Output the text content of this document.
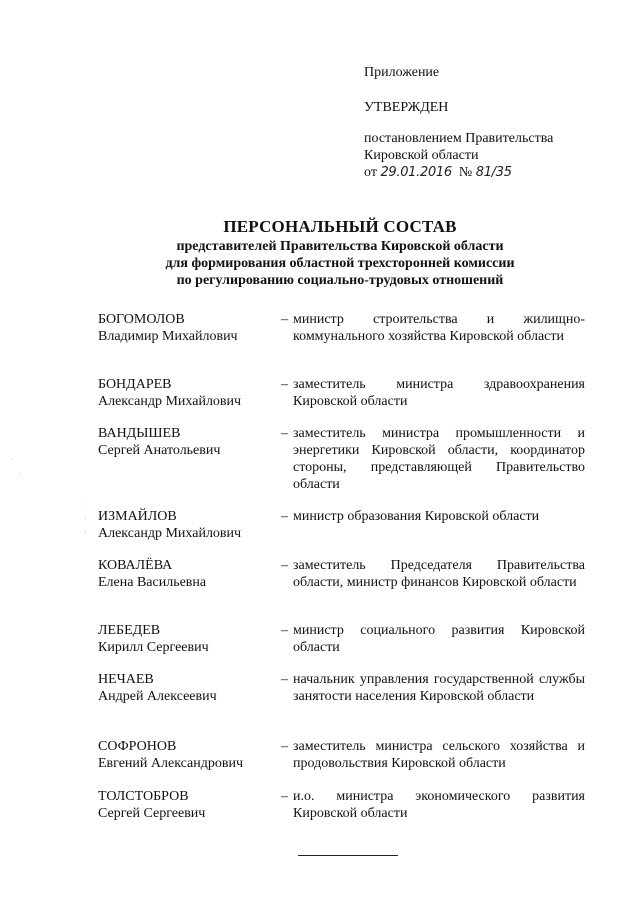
Приложение
УТВЕРЖДЕН
постановлением Правительства
Кировской области
от 29.01.2016 № 81/35
ПЕРСОНАЛЬНЫЙ СОСТАВ
представителей Правительства Кировской области
для формирования областной трехсторонней комиссии
по регулированию социально-трудовых отношений
БОГОМОЛОВ
Владимир Михайлович
– министр строительства и жилищно-коммунального хозяйства Кировской области
БОНДАРЕВ
Александр Михайлович
– заместитель министра здравоохранения Кировской области
ВАНДЫШЕВ
Сергей Анатольевич
– заместитель министра промышленности и энергетики Кировской области, координатор стороны, представляющей Правительство области
ИЗМАЙЛОВ
Александр Михайлович
– министр образования Кировской области
КОВАЛЁВА
Елена Васильевна
– заместитель Председателя Правительства области, министр финансов Кировской области
ЛЕБЕДЕВ
Кирилл Сергеевич
– министр социального развития Кировской области
НЕЧАЕВ
Андрей Алексеевич
– начальник управления государственной службы занятости населения Кировской области
СОФРОНОВ
Евгений Александрович
– заместитель министра сельского хозяйства и продовольствия Кировской области
ТОЛСТОБРОВ
Сергей Сергеевич
– и.о. министра экономического развития Кировской области
·
·
·
·
·
